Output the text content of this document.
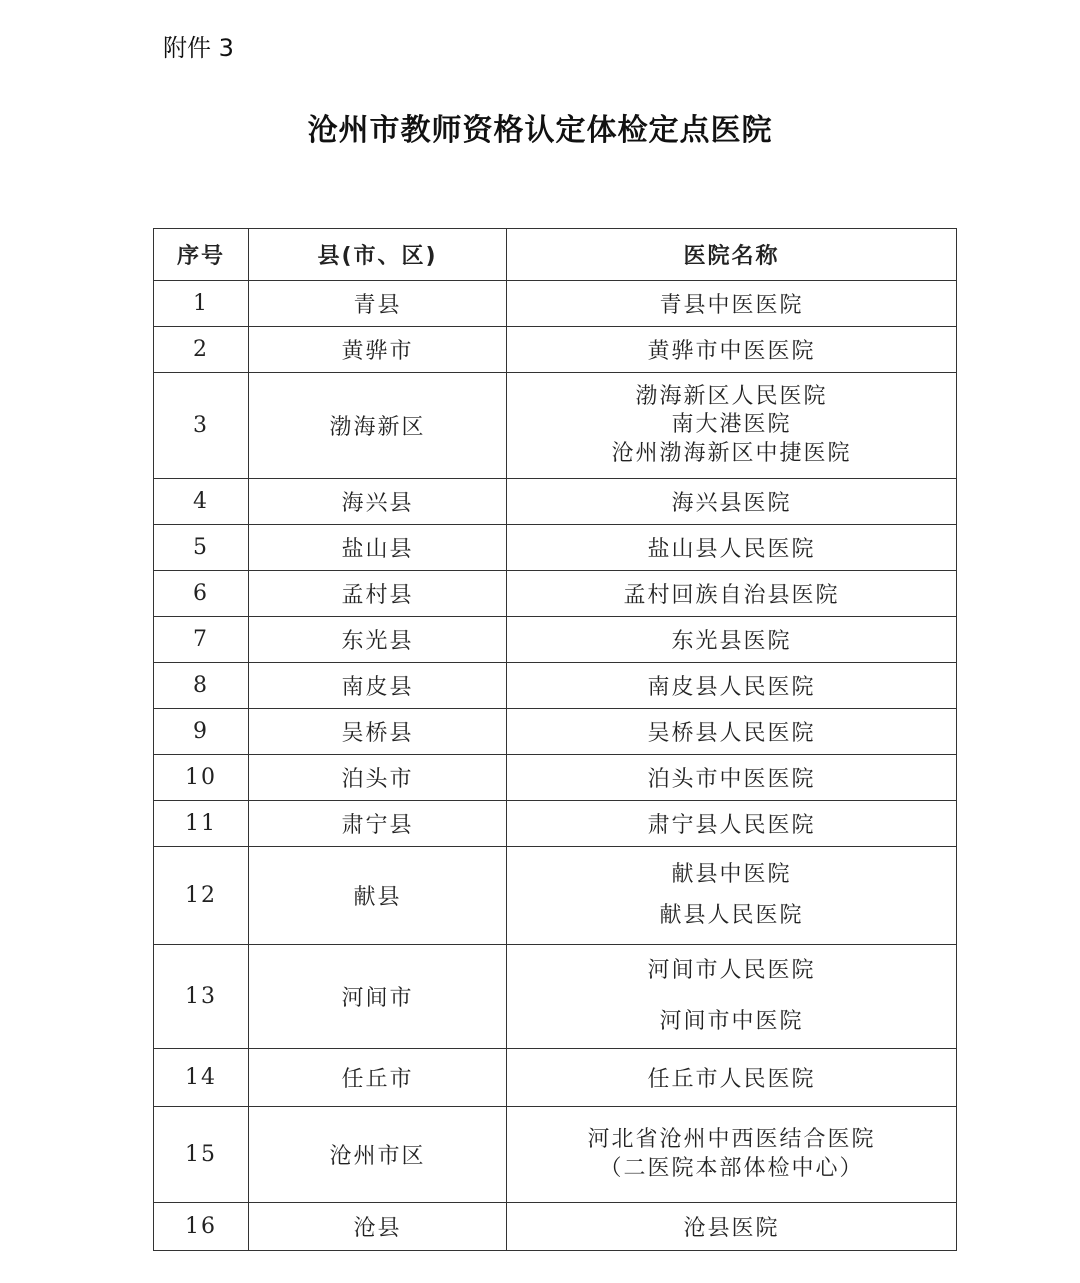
附件 3
沧州市教师资格认定体检定点医院
序号	县(市、区)	医院名称
1	青县	青县中医医院
2	黄骅市	黄骅市中医医院
3	渤海新区	渤海新区人民医院
南大港医院
沧州渤海新区中捷医院

4	海兴县	海兴县医院
5	盐山县	盐山县人民医院
6	孟村县	孟村回族自治县医院
7	东光县	东光县医院
8	南皮县	南皮县人民医院
9	吴桥县	吴桥县人民医院
10	泊头市	泊头市中医医院
11	肃宁县	肃宁县人民医院
12	献县	献县中医院
献县人民医院

13	河间市	河间市人民医院
河间市中医院

14	任丘市	任丘市人民医院
15	沧州市区	河北省沧州中西医结合医院
（二医院本部体检中心）

16	沧县	沧县医院
